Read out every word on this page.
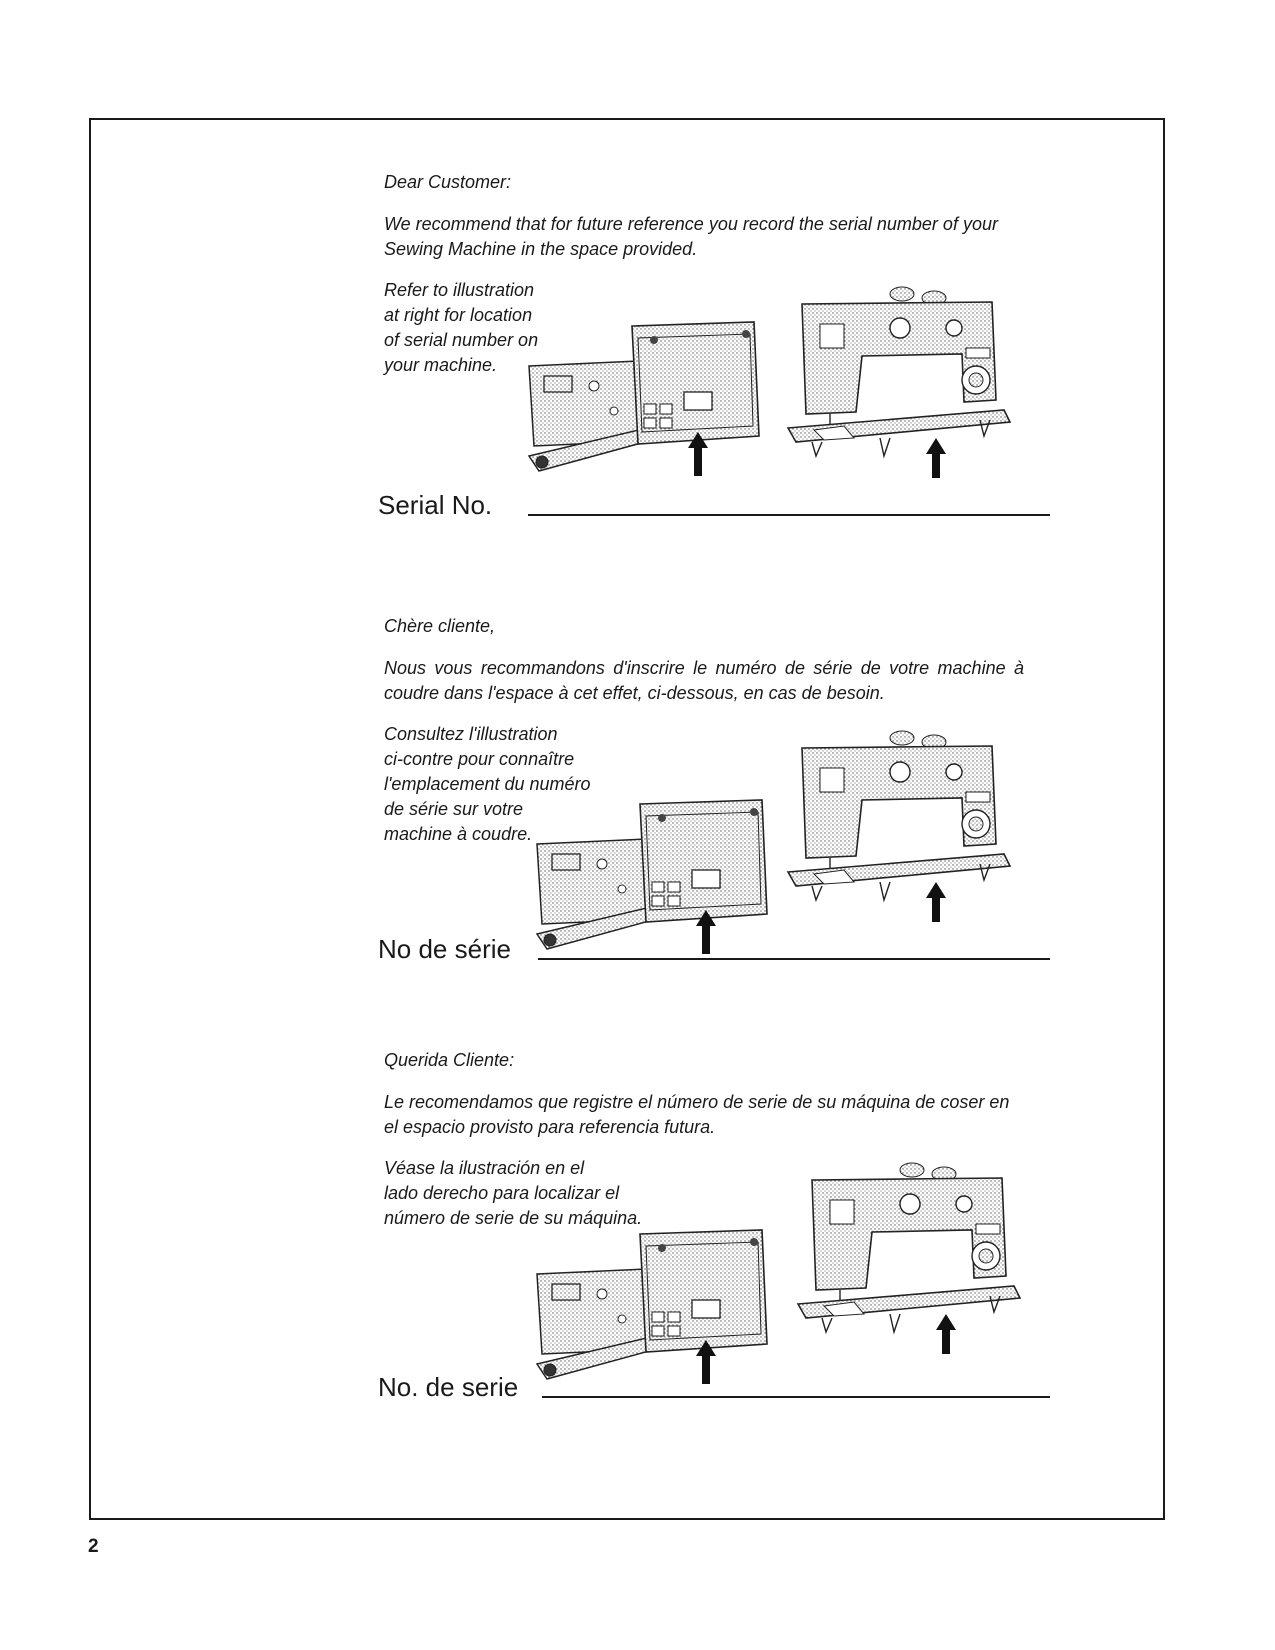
Dear Customer:

We recommend that for future reference you record the serial number of your Sewing Machine in the space provided.

Refer to illustration
at right for location
of serial number on
your machine.

Serial No.

Chère cliente,

Nous vous recommandons d'inscrire le numéro de série de votre machine à coudre dans l'espace à cet effet, ci-dessous, en cas de besoin.

Consultez l'illustration
ci-contre pour connaître
l'emplacement du numéro
de série sur votre
machine à coudre.

No de série

Querida Cliente:

Le recomendamos que registre el número de serie de su máquina de coser en el espacio provisto para referencia futura.

Véase la ilustración en el
lado derecho para localizar el
número de serie de su máquina.

No. de serie
2
